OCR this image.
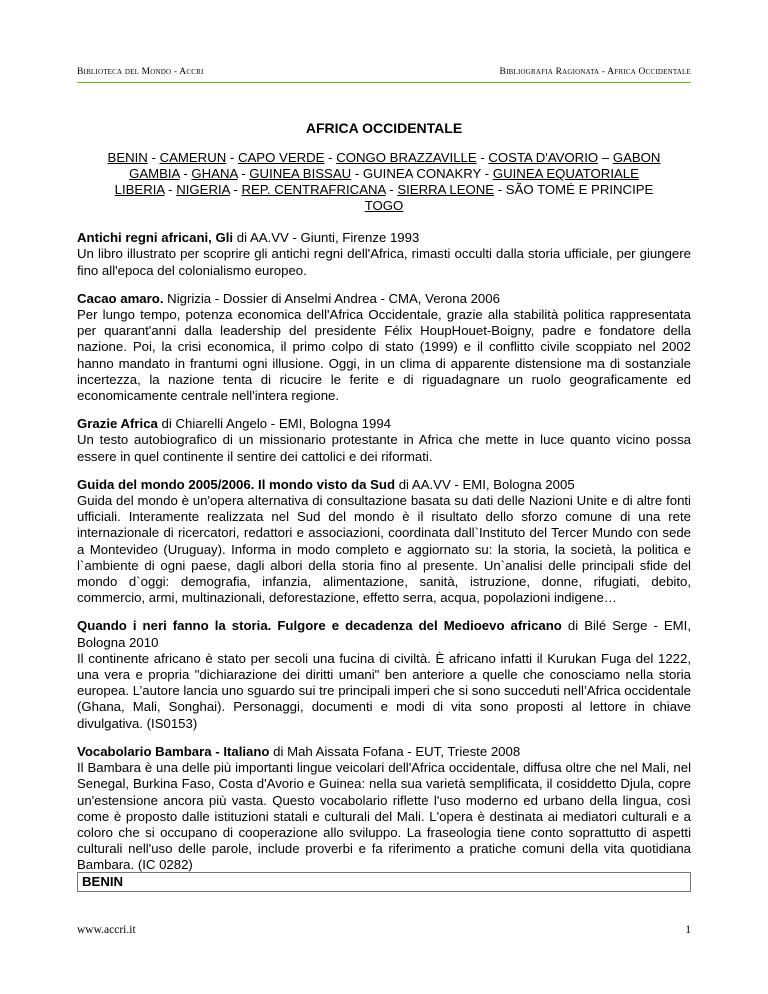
Biblioteca del Mondo - Accri	Bibliografia Ragionata - Africa Occidentale
AFRICA OCCIDENTALE
BENIN - CAMERUN - CAPO VERDE - CONGO BRAZZAVILLE - COSTA D'AVORIO – GABON
GAMBIA - GHANA - GUINEA BISSAU - GUINEA CONAKRY - GUINEA EQUATORIALE
LIBERIA - NIGERIA - REP. CENTRAFRICANA - SIERRA LEONE - SÃO TOMÉ E PRINCIPE
TOGO
Antichi regni africani, Gli di AA.VV - Giunti, Firenze 1993
Un libro illustrato per scoprire gli antichi regni dell'Africa, rimasti occulti dalla storia ufficiale, per giungere fino all'epoca del colonialismo europeo.
Cacao amaro. Nigrizia - Dossier di Anselmi Andrea - CMA, Verona 2006
Per lungo tempo, potenza economica dell'Africa Occidentale, grazie alla stabilità politica rappresentata per quarant'anni dalla leadership del presidente Félix HoupHouet-Boigny, padre e fondatore della nazione. Poi, la crisi economica, il primo colpo di stato (1999) e il conflitto civile scoppiato nel 2002 hanno mandato in frantumi ogni illusione. Oggi, in un clima di apparente distensione ma di sostanziale incertezza, la nazione tenta di ricucire le ferite e di riguadagnare un ruolo geograficamente ed economicamente centrale nell'intera regione.
Grazie Africa di Chiarelli Angelo - EMI, Bologna 1994
Un testo autobiografico di un missionario protestante in Africa che mette in luce quanto vicino possa essere in quel continente il sentire dei cattolici e dei riformati.
Guida del mondo 2005/2006. Il mondo visto da Sud di AA.VV - EMI, Bologna 2005
Guida del mondo è un'opera alternativa di consultazione basata su dati delle Nazioni Unite e di altre fonti ufficiali. Interamente realizzata nel Sud del mondo è il risultato dello sforzo comune di una rete internazionale di ricercatori, redattori e associazioni, coordinata dall`Instituto del Tercer Mundo con sede a Montevideo (Uruguay). Informa in modo completo e aggiornato su: la storia, la società, la politica e l`ambiente di ogni paese, dagli albori della storia fino al presente. Un`analisi delle principali sfide del mondo d`oggi: demografia, infanzia, alimentazione, sanità, istruzione, donne, rifugiati, debito, commercio, armi, multinazionali, deforestazione, effetto serra, acqua, popolazioni indigene…
Quando i neri fanno la storia. Fulgore e decadenza del Medioevo africano di Bilé Serge - EMI, Bologna 2010
Il continente africano è stato per secoli una fucina di civiltà. È africano infatti il Kurukan Fuga del 1222, una vera e propria "dichiarazione dei diritti umani" ben anteriore a quelle che conosciamo nella storia europea. L’autore lancia uno sguardo sui tre principali imperi che si sono succeduti nell’Africa occidentale (Ghana, Mali, Songhai). Personaggi, documenti e modi di vita sono proposti al lettore in chiave divulgativa. (IS0153)
Vocabolario Bambara - Italiano di Mah Aissata Fofana - EUT, Trieste 2008
Il Bambara è una delle più importanti lingue veicolari dell'Africa occidentale, diffusa oltre che nel Mali, nel Senegal, Burkina Faso, Costa d'Avorio e Guinea: nella sua varietà semplificata, il cosiddetto Djula, copre un'estensione ancora più vasta. Questo vocabolario riflette l'uso moderno ed urbano della lingua, così come è proposto dalle istituzioni statali e culturali del Mali. L'opera è destinata ai mediatori culturali e a coloro che si occupano di cooperazione allo sviluppo. La fraseologia tiene conto soprattutto di aspetti culturali nell'uso delle parole, include proverbi e fa riferimento a pratiche comuni della vita quotidiana Bambara. (IC 0282)
BENIN
www.accri.it	1
